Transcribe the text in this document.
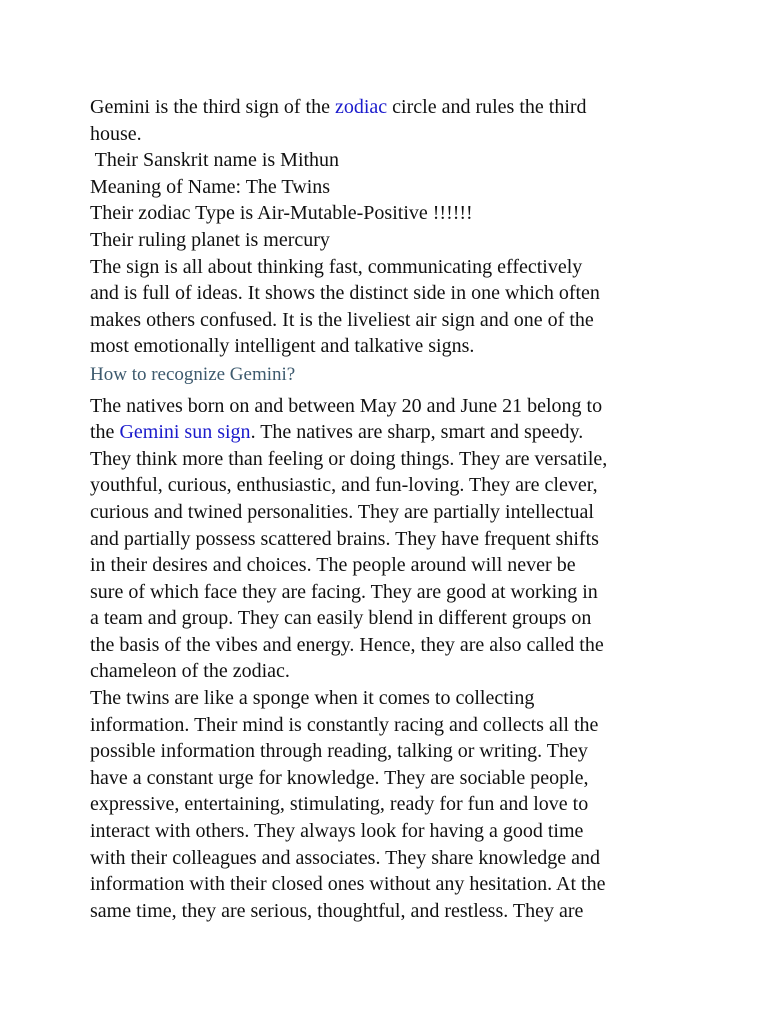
Gemini is the third sign of the zodiac circle and rules the third
house.
Their Sanskrit name is Mithun
Meaning of Name: The Twins
Their zodiac Type is Air-Mutable-Positive !!!!!!
Their ruling planet is mercury
The sign is all about thinking fast, communicating effectively
and is full of ideas. It shows the distinct side in one which often
makes others confused. It is the liveliest air sign and one of the
most emotionally intelligent and talkative signs.
How to recognize Gemini?
The natives born on and between May 20 and June 21 belong to
the Gemini sun sign. The natives are sharp, smart and speedy.
They think more than feeling or doing things. They are versatile,
youthful, curious, enthusiastic, and fun-loving. They are clever,
curious and twined personalities. They are partially intellectual
and partially possess scattered brains. They have frequent shifts
in their desires and choices. The people around will never be
sure of which face they are facing. They are good at working in
a team and group. They can easily blend in different groups on
the basis of the vibes and energy. Hence, they are also called the
chameleon of the zodiac.
The twins are like a sponge when it comes to collecting
information. Their mind is constantly racing and collects all the
possible information through reading, talking or writing. They
have a constant urge for knowledge. They are sociable people,
expressive, entertaining, stimulating, ready for fun and love to
interact with others. They always look for having a good time
with their colleagues and associates. They share knowledge and
information with their closed ones without any hesitation. At the
same time, they are serious, thoughtful, and restless. They are
